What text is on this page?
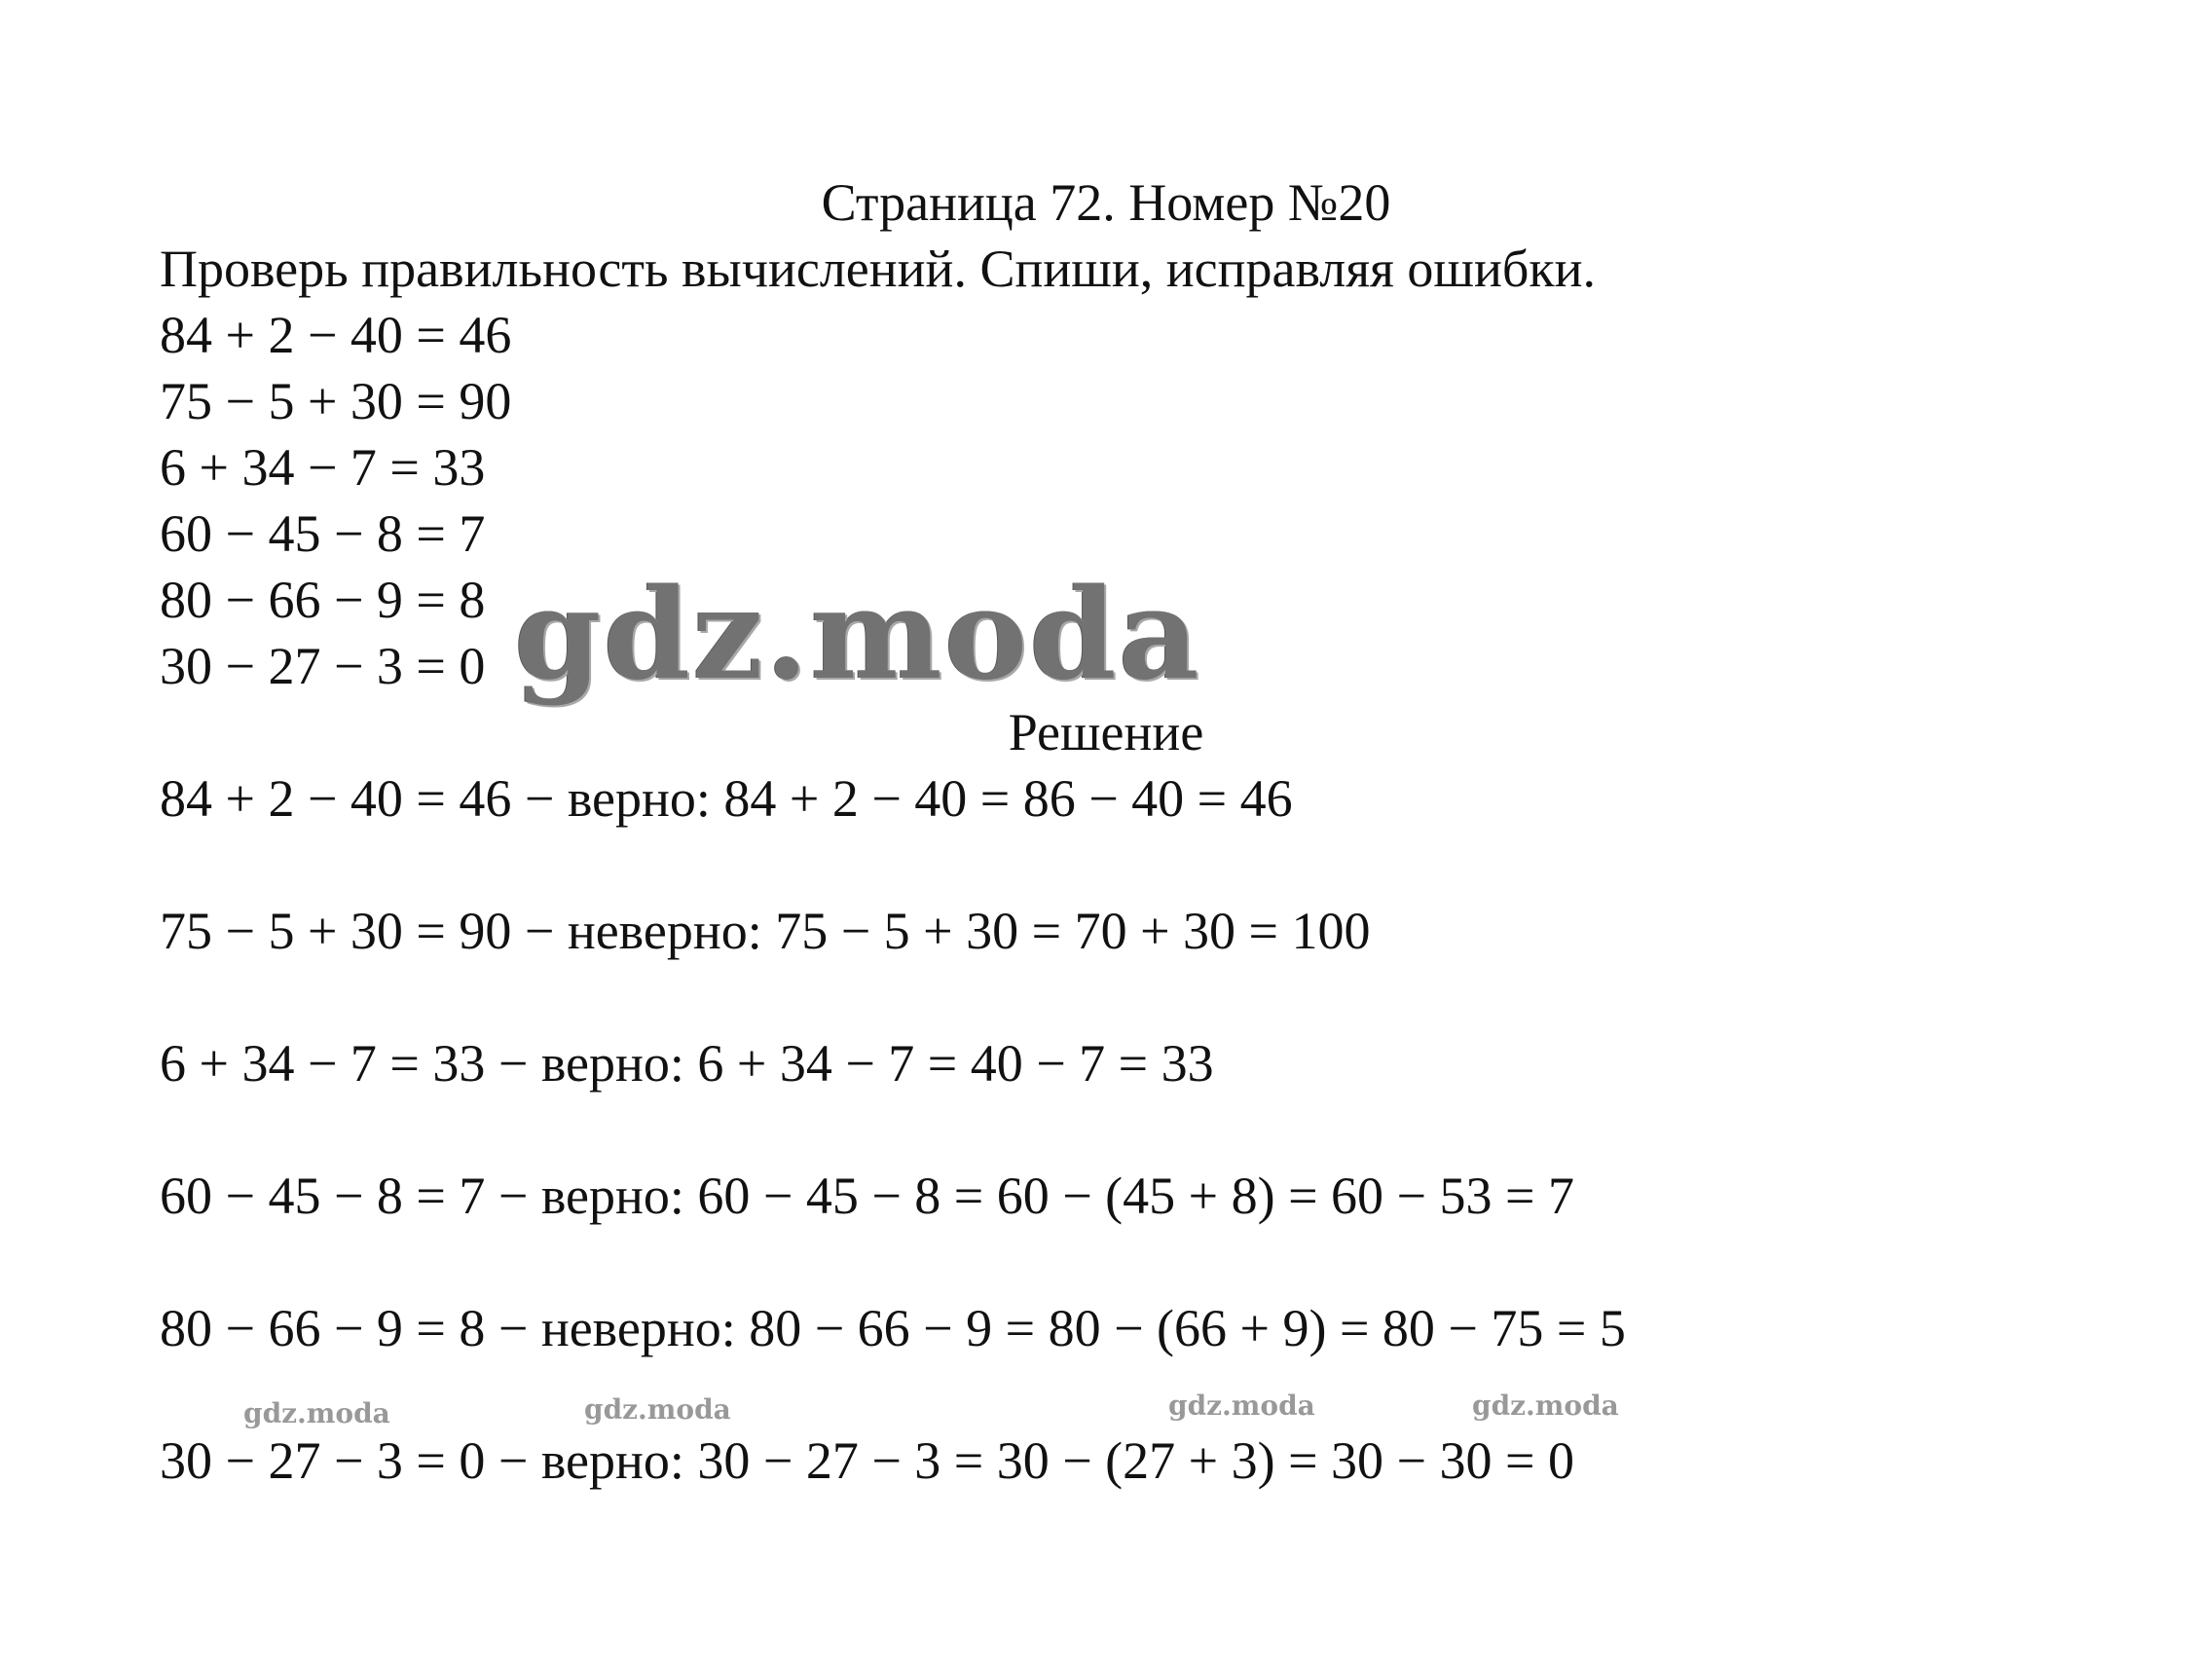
Страница 72. Номер №20
Проверь правильность вычислений. Спиши, исправляя ошибки.
84 + 2 − 40 = 46
75 − 5 + 30 = 90
6 + 34 − 7 = 33
60 − 45 − 8 = 7
80 − 66 − 9 = 8
30 − 27 − 3 = 0 gdz.moda
Решение
84 + 2 − 40 = 46 − верно: 84 + 2 − 40 = 86 − 40 = 46
75 − 5 + 30 = 90 − неверно: 75 − 5 + 30 = 70 + 30 = 100
6 + 34 − 7 = 33 − верно: 6 + 34 − 7 = 40 − 7 = 33
60 − 45 − 8 = 7 − верно: 60 − 45 − 8 = 60 − (45 + 8) = 60 − 53 = 7
80 − 66 − 9 = 8 − неверно: 80 − 66 − 9 = 80 − (66 + 9) = 80 − 75 = 5
gdz.moda	gdz.moda	gdz.moda	gdz.moda
30 − 27 − 3 = 0 − верно: 30 − 27 − 3 = 30 − (27 + 3) = 30 − 30 = 0
